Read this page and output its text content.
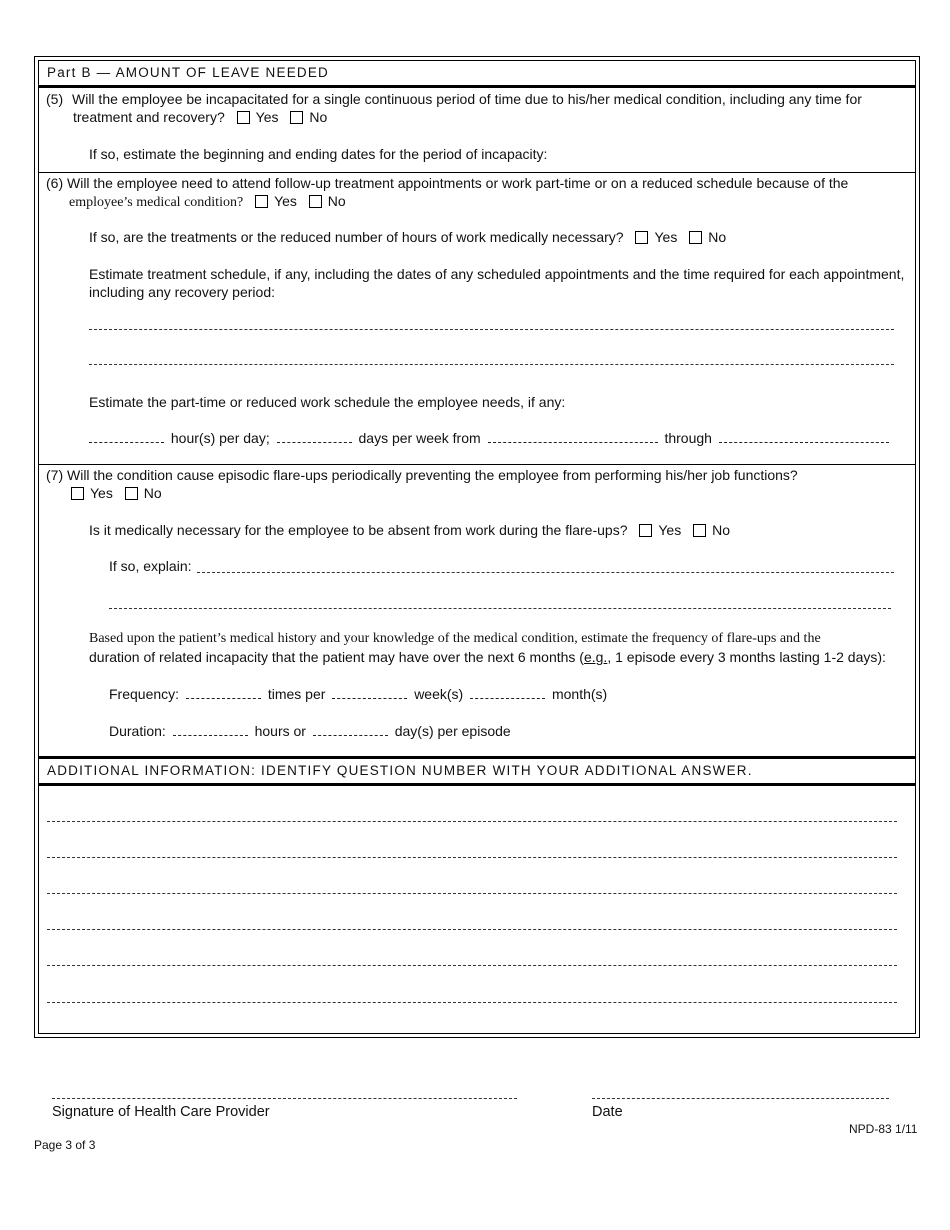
Part B — AMOUNT OF LEAVE NEEDED
(5) Will the employee be incapacitated for a single continuous period of time due to his/her medical condition, including any time for
treatment and recovery? Yes No
If so, estimate the beginning and ending dates for the period of incapacity:
(6) Will the employee need to attend follow-up treatment appointments or work part-time or on a reduced schedule because of the
employee’s medical condition? Yes No
If so, are the treatments or the reduced number of hours of work medically necessary? Yes No
Estimate treatment schedule, if any, including the dates of any scheduled appointments and the time required for each appointment,
including any recovery period:
Estimate the part-time or reduced work schedule the employee needs, if any:
hour(s) per day;	days per week from	through
(7) Will the condition cause episodic flare-ups periodically preventing the employee from performing his/her job functions?
Yes No
Is it medically necessary for the employee to be absent from work during the flare-ups? Yes No
If so, explain:
Based upon the patient’s medical history and your knowledge of the medical condition, estimate the frequency of flare-ups and the
duration of related incapacity that the patient may have over the next 6 months (e.g., 1 episode every 3 months lasting 1-2 days):
Frequency:	times per	week(s)	month(s)
Duration:	hours or	day(s) per episode
ADDITIONAL INFORMATION: IDENTIFY QUESTION NUMBER WITH YOUR ADDITIONAL ANSWER.
Signature of Health Care Provider	Date
NPD-83 1/11
Page 3 of 3
